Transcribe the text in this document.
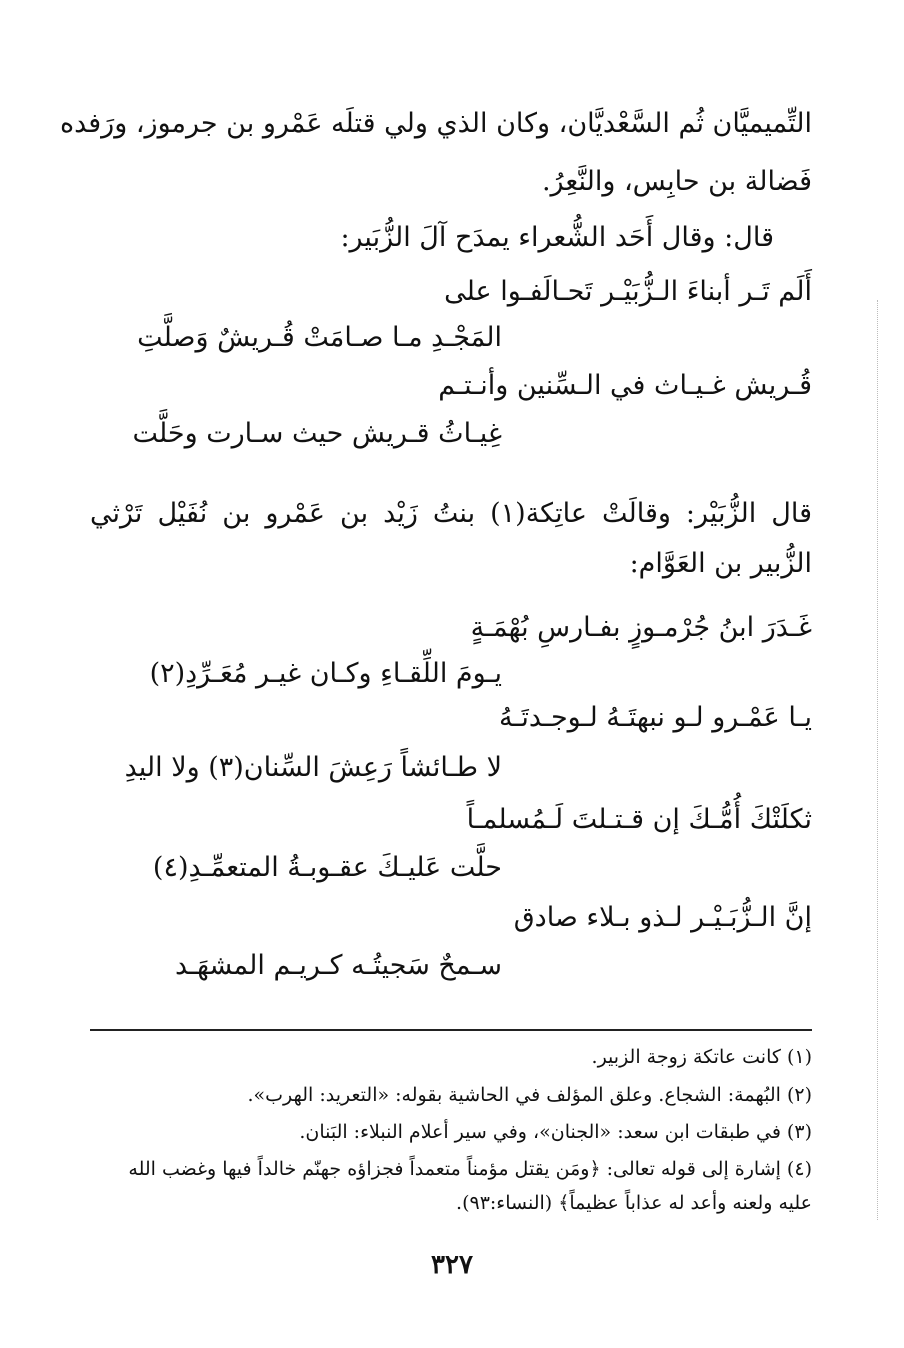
التِّميميَّان ثُم السَّعْديَّان، وكان الذي ولي قتلَه عَمْرو بن جرموز، ورَفده
فَضالة بن حابِس، والنَّعِرُ.
قال: وقال أَحَد الشُّعراء يمدَح آلَ الزُّبَير:
أَلَم تَـر أبناءَ الـزُّبَيْـر تَحـالَفـوا على
المَجْـدِ مـا صـامَتْ قُـريشٌ وَصلَّتِ
قُـريش غـيـاث في الـسِّنين وأنـتـم
غِيـاثُ قـريش حيث سـارت وحَلَّت
قال الزُّبَيْر: وقالَتْ عاتِكة(١) بنتُ زَيْد بن عَمْرو بن نُفَيْل تَرْثي
الزُّبير بن العَوَّام:
غَـدَرَ ابنُ جُرْمـوزٍ بفـارسِ بُهْمَـةٍ
يـومَ اللِّقـاءِ وكـان غيـر مُعَـرِّدِ(٢)
يـا عَمْـرو لـو نبهتَـهُ لـوجـدتَـهُ
لا طـائشاً رَعِشَ السِّنان(٣) ولا اليدِ
ثكلَتْكَ أُمُّـكَ إن قـتـلتَ لَـمُسلمـاً
حلَّت عَليـكَ عقـوبـةُ المتعمِّـدِ(٤)
إنَّ الـزُّبَـيْـر لـذو بـلاء صادق
سـمحٌ سَجيتُـه كـريـم المشهَـد
(١) كانت عاتكة زوجة الزبير.
(٢) البُهمة: الشجاع. وعلق المؤلف في الحاشية بقوله: «التعريد: الهرب».
(٣) في طبقات ابن سعد: «الجنان»، وفي سير أعلام النبلاء: البَنان.
(٤) إشارة إلى قوله تعالى: ﴿ومَن يقتل مؤمناً متعمداً فجزاؤه جهنّم خالداً فيها وغضب الله
عليه ولعنه وأعد له عذاباً عظيماً﴾ (النساء:٩٣).
٣٢٧
